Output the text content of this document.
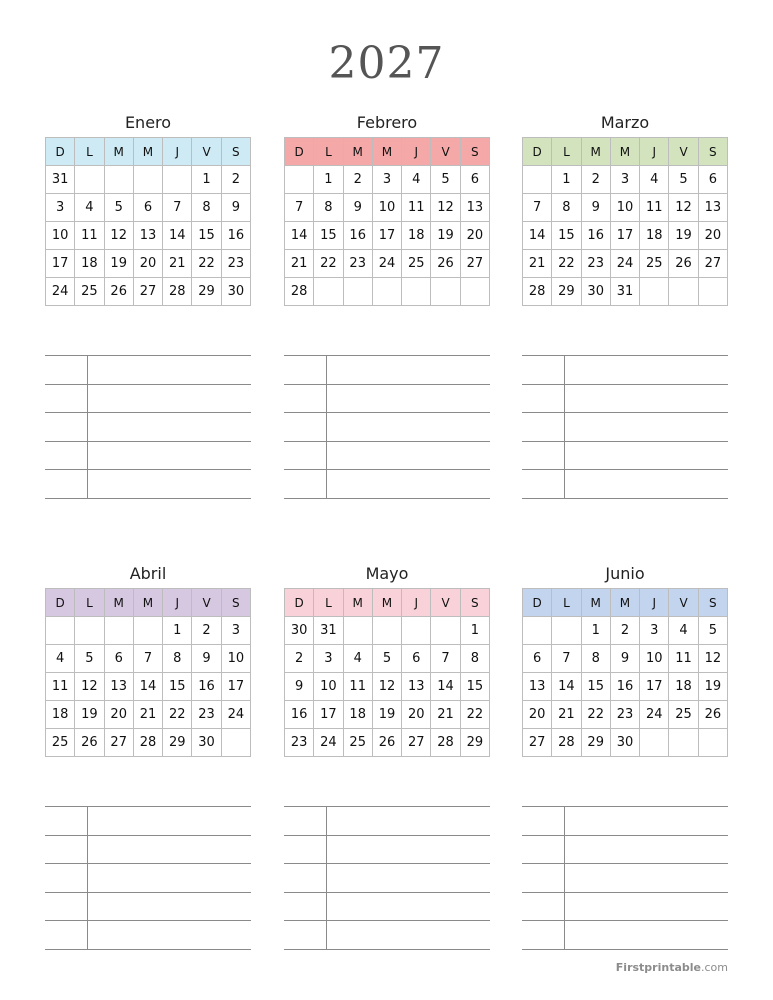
2027
Enero
D	L	M	M	J	V	S
31					1	2
3	4	5	6	7	8	9
10	11	12	13	14	15	16
17	18	19	20	21	22	23
24	25	26	27	28	29	30
Febrero
D	L	M	M	J	V	S
	1	2	3	4	5	6
7	8	9	10	11	12	13
14	15	16	17	18	19	20
21	22	23	24	25	26	27
28						
Marzo
D	L	M	M	J	V	S
	1	2	3	4	5	6
7	8	9	10	11	12	13
14	15	16	17	18	19	20
21	22	23	24	25	26	27
28	29	30	31			
Abril
D	L	M	M	J	V	S
				1	2	3
4	5	6	7	8	9	10
11	12	13	14	15	16	17
18	19	20	21	22	23	24
25	26	27	28	29	30	
Mayo
D	L	M	M	J	V	S
30	31					1
2	3	4	5	6	7	8
9	10	11	12	13	14	15
16	17	18	19	20	21	22
23	24	25	26	27	28	29
Junio
D	L	M	M	J	V	S
		1	2	3	4	5
6	7	8	9	10	11	12
13	14	15	16	17	18	19
20	21	22	23	24	25	26
27	28	29	30			
Firstprintable.com
